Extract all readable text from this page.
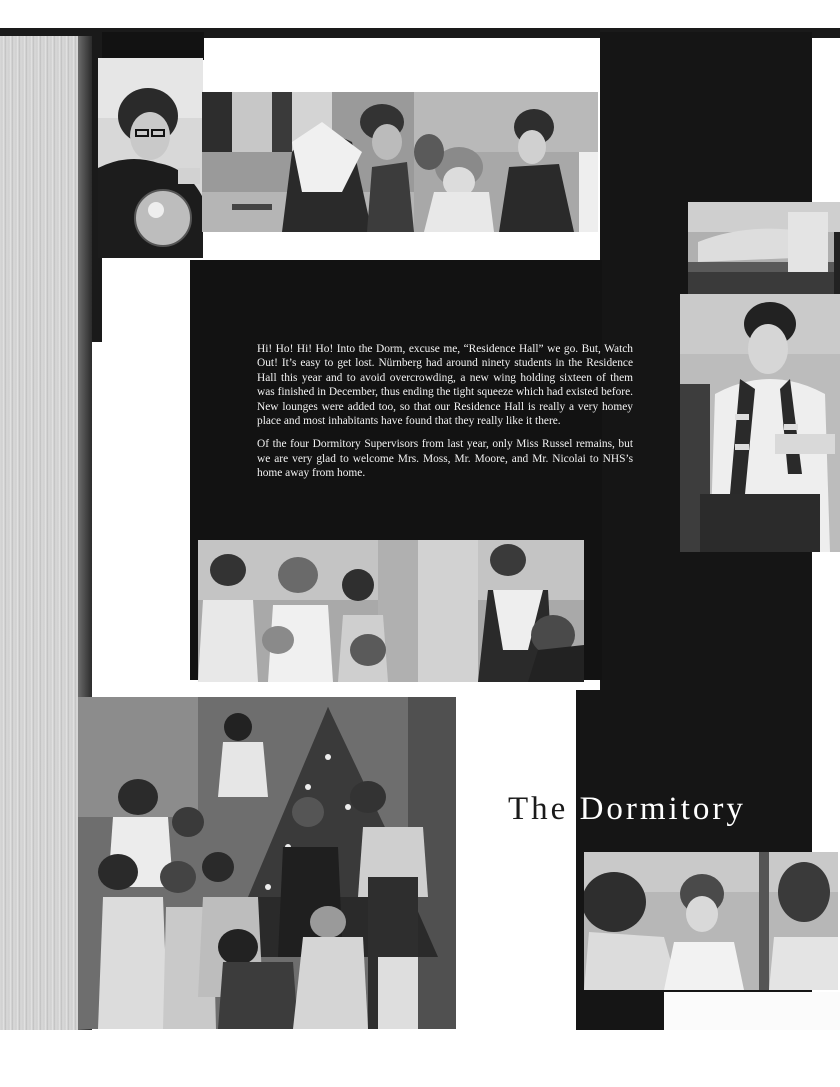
Hi! Ho! Hi! Ho! Into the Dorm, excuse me, “Residence Hall” we go. But, Watch Out! It’s easy to get lost. Nürnberg had around ninety students in the Residence Hall this year and to avoid overcrowding, a new wing holding sixteen of them was finished in December, thus ending the tight squeeze which had existed before. New lounges were added too, so that our Residence Hall is really a very homey place and most inhabitants have found that they really like it there.

Of the four Dormitory Supervisors from last year, only Miss Russel remains, but we are very glad to welcome Mrs. Moss, Mr. Moore, and Mr. Nicolai to NHS’s home away from home.

The Dormitory
